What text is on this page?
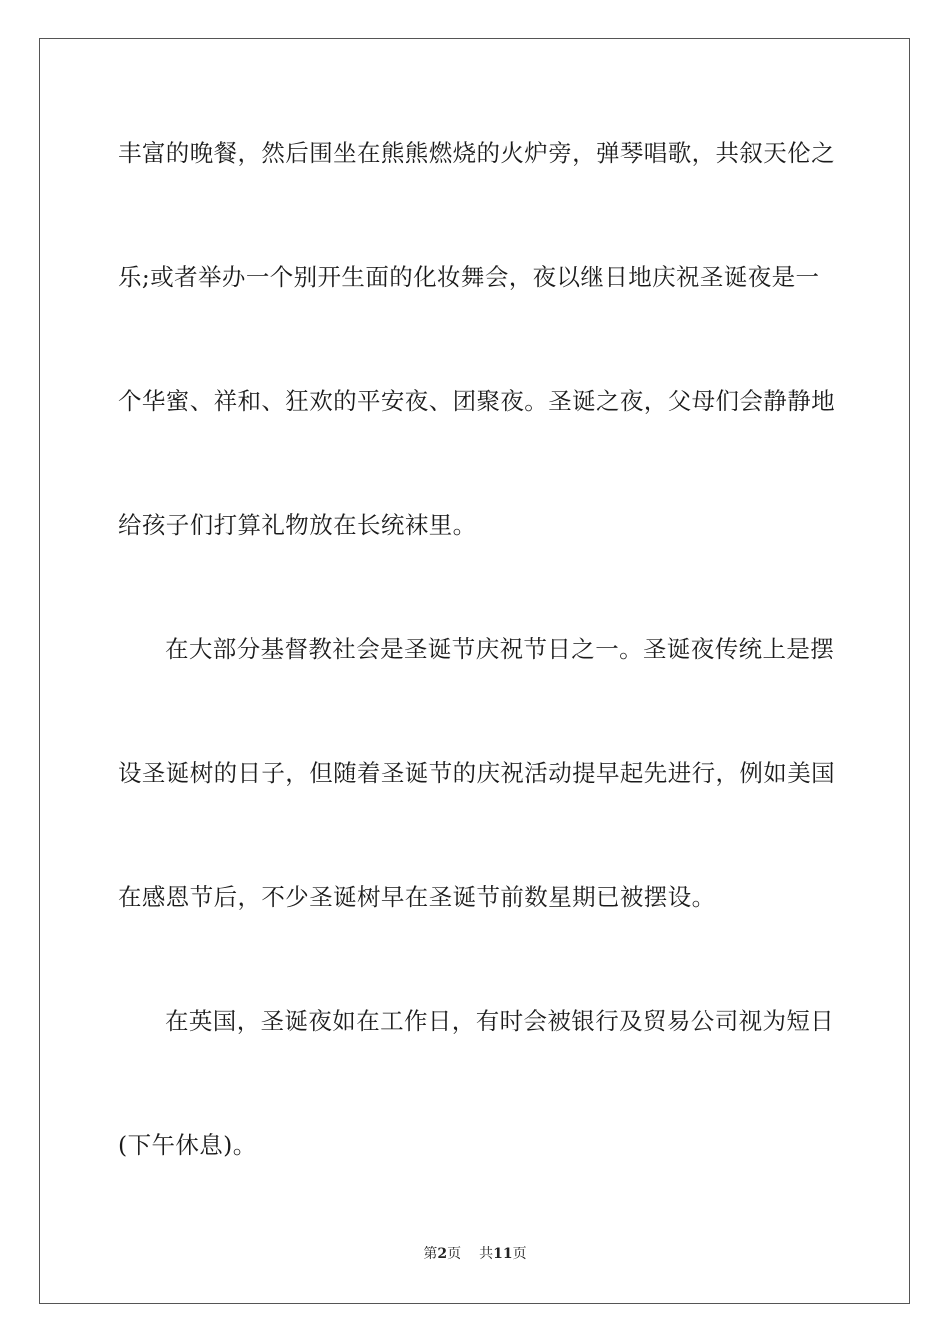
丰富的晚餐，然后围坐在熊熊燃烧的火炉旁，弹琴唱歌，共叙天伦之
乐;或者举办一个别开生面的化妆舞会，夜以继日地庆祝圣诞夜是一
个华蜜、祥和、狂欢的平安夜、团聚夜。圣诞之夜，父母们会静静地
给孩子们打算礼物放在长统袜里。
在大部分基督教社会是圣诞节庆祝节日之一。圣诞夜传统上是摆
设圣诞树的日子，但随着圣诞节的庆祝活动提早起先进行，例如美国
在感恩节后，不少圣诞树早在圣诞节前数星期已被摆设。
在英国，圣诞夜如在工作日，有时会被银行及贸易公司视为短日
(下午休息)。
第2页 共11页
